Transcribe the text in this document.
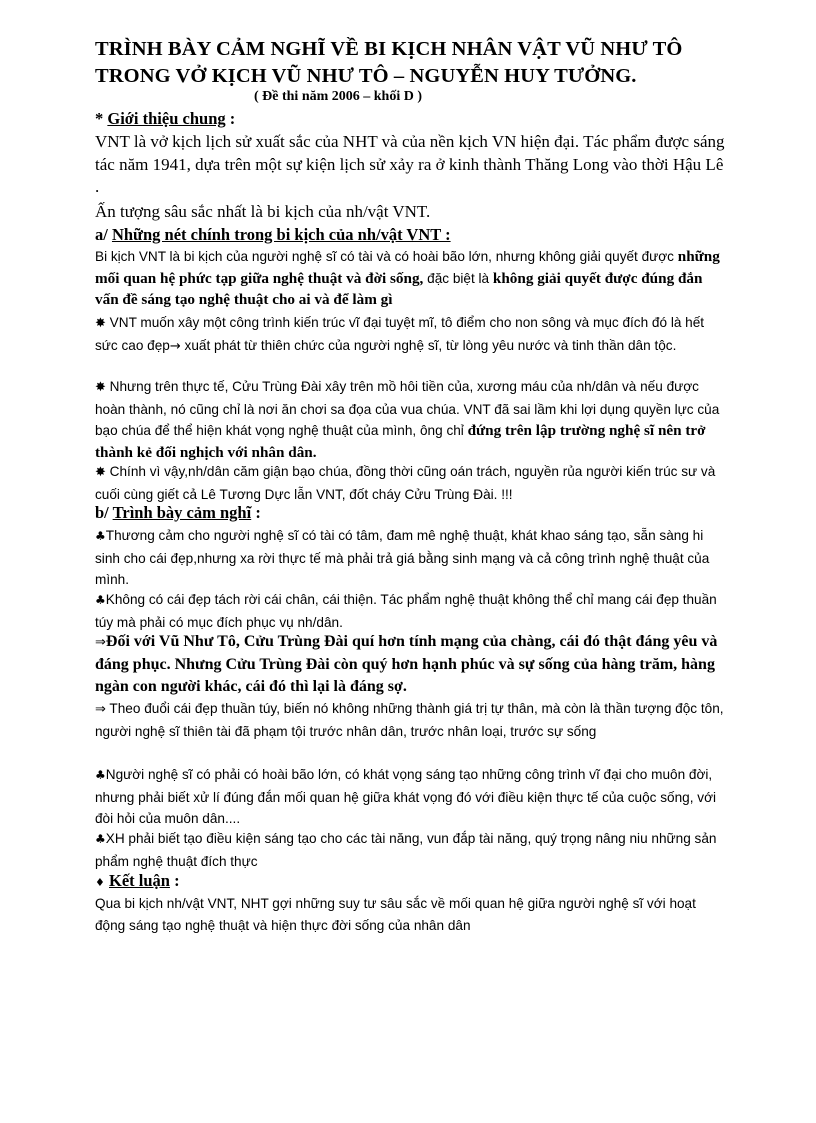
TRÌNH BÀY CẢM NGHĨ VỀ BI KỊCH NHÂN VẬT VŨ NHƯ TÔ
TRONG VỞ KỊCH VŨ NHƯ TÔ – NGUYỄN HUY TƯỞNG.
( Đề thi năm 2006 – khối D )
* Giới thiệu chung :
VNT là vở kịch lịch sử xuất sắc của NHT và của nền kịch VN hiện đại. Tác phẩm được sáng tác năm 1941, dựa trên một sự kiện lịch sử xảy ra ở kinh thành Thăng Long vào thời Hậu Lê .
Ấn tượng sâu sắc nhất là bi kịch của nh/vật VNT.
a/ Những nét chính trong bi kịch của nh/vật VNT :
Bi kịch VNT là bi kịch của người nghệ sĩ có tài và có hoài bão lớn, nhưng không giải quyết được những mối quan hệ phức tạp giữa nghệ thuật và đời sống, đặc biệt là không giải quyết được đúng đắn vấn đề sáng tạo nghệ thuật cho ai và để làm gì
✸ VNT muốn xây một công trình kiến trúc vĩ đại tuyệt mĩ, tô điểm cho non sông và mục đích đó là hết sức cao đẹp→ xuất phát từ thiên chức của người nghệ sĩ, từ lòng yêu nước và tinh thần dân tộc.
✸ Nhưng trên thực tế, Cửu Trùng Đài xây trên mồ hôi tiền của, xương máu của nh/dân và nếu được hoàn thành, nó cũng chỉ là nơi ăn chơi sa đọa của vua chúa. VNT đã sai lầm khi lợi dụng quyền lực của bạo chúa để thể hiện khát vọng nghệ thuật của mình, ông chỉ đứng trên lập trường nghệ sĩ nên trở thành kẻ đối nghịch với nhân dân.
✸ Chính vì vậy,nh/dân căm giận bạo chúa, đồng thời cũng oán trách, nguyền rủa người kiến trúc sư và cuối cùng giết cả Lê Tương Dực lẫn VNT, đốt cháy Cửu Trùng Đài. !!!
b/ Trình bày cảm nghĩ :
♣Thương cảm cho người nghệ sĩ có tài có tâm, đam mê nghệ thuật, khát khao sáng tạo, sẵn sàng hi sinh cho cái đẹp,nhưng xa rời thực tế mà phải trả giá bằng sinh mạng và cả công trình nghệ thuật của mình.
♣Không có cái đẹp tách rời cái chân, cái thiện. Tác phẩm nghệ thuật không thể chỉ mang cái đẹp thuần túy mà phải có mục đích phục vụ nh/dân.
⇒Đối với Vũ Như Tô, Cửu Trùng Đài quí hơn tính mạng của chàng, cái đó thật đáng yêu và đáng phục. Nhưng Cửu Trùng Đài còn quý hơn hạnh phúc và sự sống của hàng trăm, hàng ngàn con người khác, cái đó thì lại là đáng sợ.
⇒ Theo đuổi cái đẹp thuần túy, biến nó không những thành giá trị tự thân, mà còn là thần tượng độc tôn, người nghệ sĩ thiên tài đã phạm tội trước nhân dân, trước nhân loại, trước sự sống
♣Người nghệ sĩ có phải có hoài bão lớn, có khát vọng sáng tạo những công trình vĩ đại cho muôn đời, nhưng phải biết xử lí đúng đắn mối quan hệ giữa khát vọng đó với điều kiện thực tế của cuộc sống, với đòi hỏi của muôn dân....
♣XH phải biết tạo điều kiện sáng tạo cho các tài năng, vun đắp tài năng, quý trọng nâng niu những sản phẩm nghệ thuật đích thực
♦ Kết luận :
Qua bi kịch nh/vật VNT, NHT gợi những suy tư sâu sắc về mối quan hệ giữa người nghệ sĩ với hoạt động sáng tạo nghệ thuật và hiện thực đời sống của nhân dân
